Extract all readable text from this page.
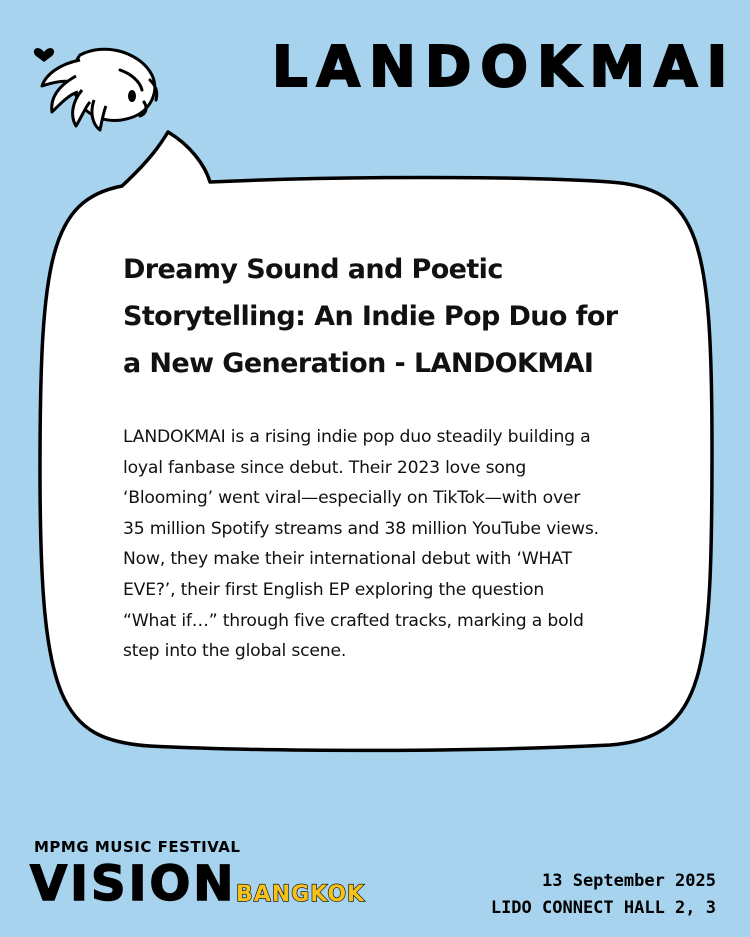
LANDOKMAI
Dreamy Sound and Poetic
Storytelling: An Indie Pop Duo for
a New Generation - LANDOKMAI
LANDOKMAI is a rising indie pop duo steadily building a
loyal fanbase since debut. Their 2023 love song
‘Blooming’ went viral—especially on TikTok—with over
35 million Spotify streams and 38 million YouTube views.
Now, they make their international debut with ‘WHAT
EVE?’, their first English EP exploring the question
“What if…” through five crafted tracks, marking a bold
step into the global scene.
MPMG MUSIC FESTIVAL
VISION BANGKOK
13 September 2025
LIDO CONNECT HALL 2, 3
